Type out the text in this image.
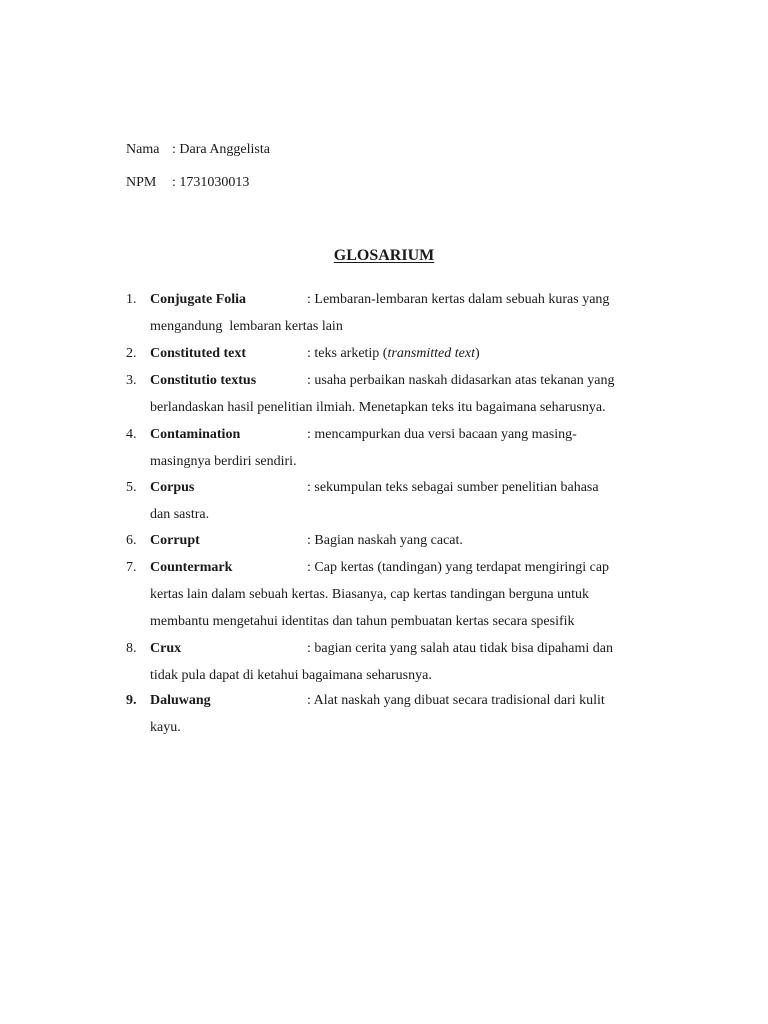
Nama : Dara Anggelista
NPM : 1731030013
GLOSARIUM
1. Conjugate Folia	: Lembaran-lembaran kertas dalam sebuah kuras yang
mengandung  lembaran kertas lain
2. Constituted text	: teks arketip (transmitted text)
3. Constitutio textus	: usaha perbaikan naskah didasarkan atas tekanan yang
berlandaskan hasil penelitian ilmiah. Menetapkan teks itu bagaimana seharusnya.
4. Contamination	: mencampurkan dua versi bacaan yang masing-
masingnya berdiri sendiri.
5. Corpus	: sekumpulan teks sebagai sumber penelitian bahasa
dan sastra.
6. Corrupt	: Bagian naskah yang cacat.
7. Countermark	: Cap kertas (tandingan) yang terdapat mengiringi cap
kertas lain dalam sebuah kertas. Biasanya, cap kertas tandingan berguna untuk
membantu mengetahui identitas dan tahun pembuatan kertas secara spesifik
8. Crux	: bagian cerita yang salah atau tidak bisa dipahami dan
tidak pula dapat di ketahui bagaimana seharusnya.
9. Daluwang	: Alat naskah yang dibuat secara tradisional dari kulit
kayu.
